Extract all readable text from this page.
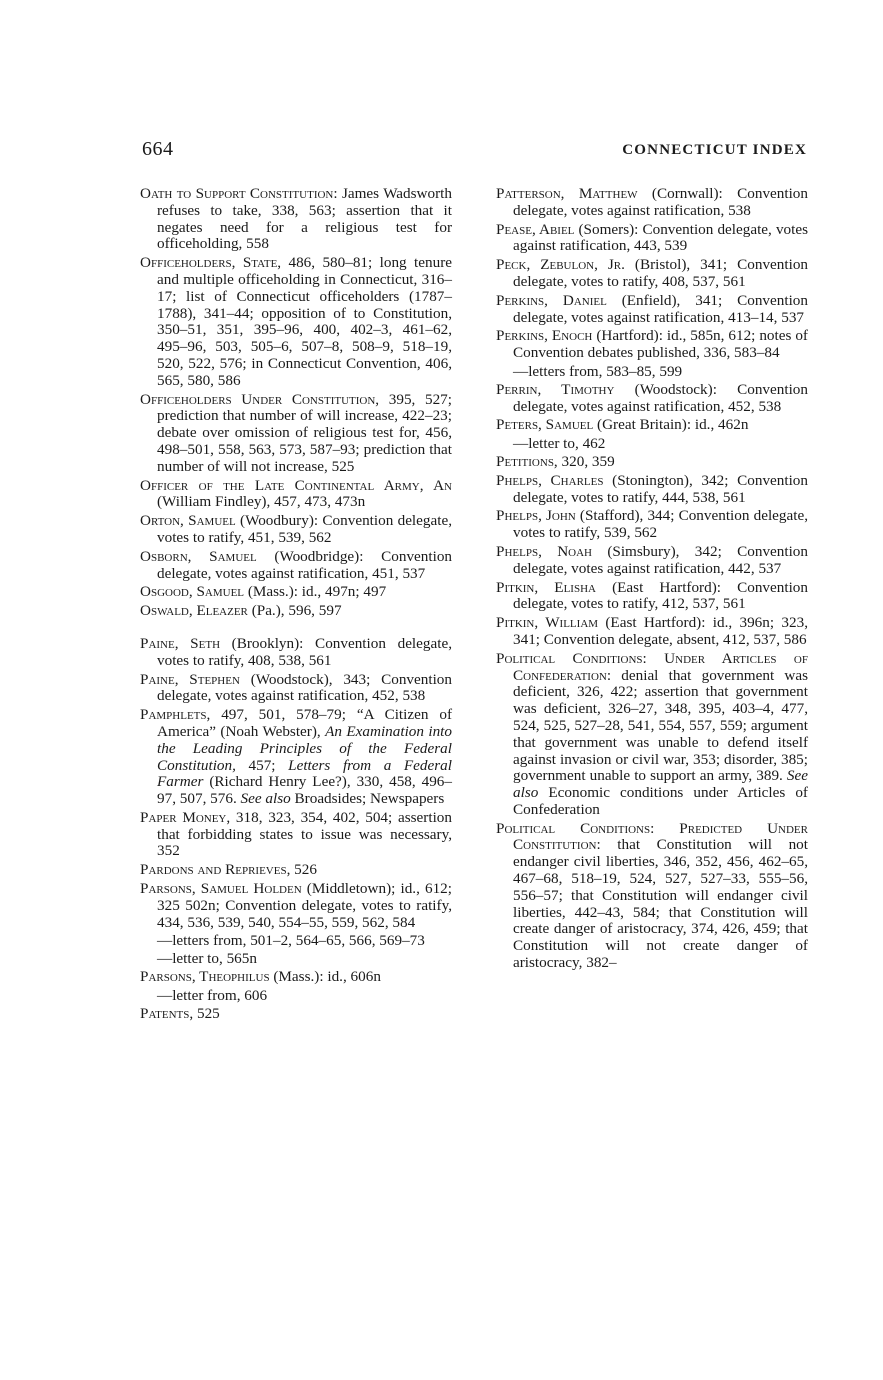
664	CONNECTICUT INDEX
Oath to Support Constitution: James Wadsworth refuses to take, 338, 563; assertion that it negates need for a religious test for officeholding, 558
Officeholders, State, 486, 580–81; long tenure and multiple officeholding in Connecticut, 316–17; list of Connecticut officeholders (1787–1788), 341–44; opposition of to Constitution, 350–51, 351, 395–96, 400, 402–3, 461–62, 495–96, 503, 505–6, 507–8, 508–9, 518–19, 520, 522, 576; in Connecticut Convention, 406, 565, 580, 586
Officeholders Under Constitution, 395, 527; prediction that number of will increase, 422–23; debate over omission of religious test for, 456, 498–501, 558, 563, 573, 587–93; prediction that number of will not increase, 525
Officer of the Late Continental Army, An (William Findley), 457, 473, 473n
Orton, Samuel (Woodbury): Convention delegate, votes to ratify, 451, 539, 562
Osborn, Samuel (Woodbridge): Convention delegate, votes against ratification, 451, 537
Osgood, Samuel (Mass.): id., 497n; 497
Oswald, Eleazer (Pa.), 596, 597
Paine, Seth (Brooklyn): Convention delegate, votes to ratify, 408, 538, 561
Paine, Stephen (Woodstock), 343; Convention delegate, votes against ratification, 452, 538
Pamphlets, 497, 501, 578–79; “A Citizen of America” (Noah Webster), An Examination into the Leading Principles of the Federal Constitution, 457; Letters from a Federal Farmer (Richard Henry Lee?), 330, 458, 496–97, 507, 576. See also Broadsides; Newspapers
Paper Money, 318, 323, 354, 402, 504; assertion that forbidding states to issue was necessary, 352
Pardons and Reprieves, 526
Parsons, Samuel Holden (Middletown); id., 612; 325 502n; Convention delegate, votes to ratify, 434, 536, 539, 540, 554–55, 559, 562, 584
—letters from, 501–2, 564–65, 566, 569–73
—letter to, 565n
Parsons, Theophilus (Mass.): id., 606n
—letter from, 606
Patents, 525
Patterson, Matthew (Cornwall): Convention delegate, votes against ratification, 538
Pease, Abiel (Somers): Convention delegate, votes against ratification, 443, 539
Peck, Zebulon, Jr. (Bristol), 341; Convention delegate, votes to ratify, 408, 537, 561
Perkins, Daniel (Enfield), 341; Convention delegate, votes against ratification, 413–14, 537
Perkins, Enoch (Hartford): id., 585n, 612; notes of Convention debates published, 336, 583–84
—letters from, 583–85, 599
Perrin, Timothy (Woodstock): Convention delegate, votes against ratification, 452, 538
Peters, Samuel (Great Britain): id., 462n
—letter to, 462
Petitions, 320, 359
Phelps, Charles (Stonington), 342; Convention delegate, votes to ratify, 444, 538, 561
Phelps, John (Stafford), 344; Convention delegate, votes to ratify, 539, 562
Phelps, Noah (Simsbury), 342; Convention delegate, votes against ratification, 442, 537
Pitkin, Elisha (East Hartford): Convention delegate, votes to ratify, 412, 537, 561
Pitkin, William (East Hartford): id., 396n; 323, 341; Convention delegate, absent, 412, 537, 586
Political Conditions: Under Articles of Confederation: denial that government was deficient, 326, 422; assertion that government was deficient, 326–27, 348, 395, 403–4, 477, 524, 525, 527–28, 541, 554, 557, 559; argument that government was unable to defend itself against invasion or civil war, 353; disorder, 385; government unable to support an army, 389. See also Economic conditions under Articles of Confederation
Political Conditions: Predicted Under Constitution: that Constitution will not endanger civil liberties, 346, 352, 456, 462–65, 467–68, 518–19, 524, 527, 527–33, 555–56, 556–57; that Constitution will endanger civil liberties, 442–43, 584; that Constitution will create danger of aristocracy, 374, 426, 459; that Constitution will not create danger of aristocracy, 382–
